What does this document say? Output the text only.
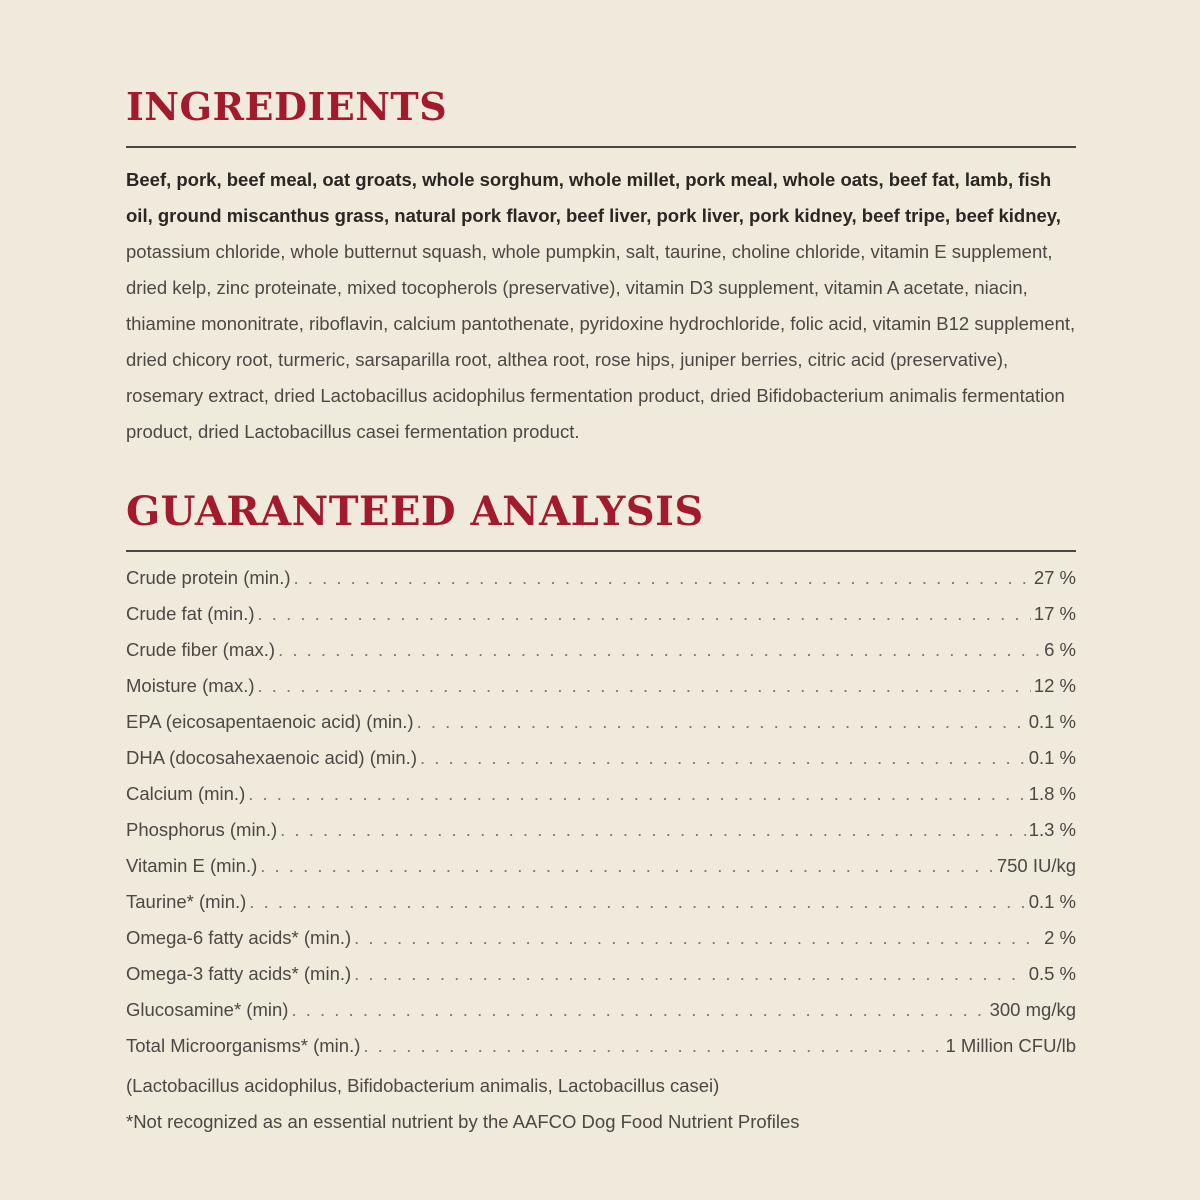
INGREDIENTS

Beef, pork, beef meal, oat groats, whole sorghum, whole millet, pork meal, whole oats, beef fat, lamb, fish oil, ground miscanthus grass, natural pork flavor, beef liver, pork liver, pork kidney, beef tripe, beef kidney, potassium chloride, whole butternut squash, whole pumpkin, salt, taurine, choline chloride, vitamin E supplement, dried kelp, zinc proteinate, mixed tocopherols (preservative), vitamin D3 supplement, vitamin A acetate, niacin, thiamine mononitrate, riboflavin, calcium pantothenate, pyridoxine hydrochloride, folic acid, vitamin B12 supplement, dried chicory root, turmeric, sarsaparilla root, althea root, rose hips, juniper berries, citric acid (preservative), rosemary extract, dried Lactobacillus acidophilus fermentation product, dried Bifidobacterium animalis fermentation product, dried Lactobacillus casei fermentation product.

GUARANTEED ANALYSIS
Crude protein (min.) . . .	27 %
Crude fat (min.) . . .	17 %
Crude fiber (max.) . . .	6 %
Moisture (max.) . . .	12 %
EPA (eicosapentaenoic acid) (min.) . . .	0.1 %
DHA (docosahexaenoic acid) (min.) . . .	0.1 %
Calcium (min.) . . .	1.8 %
Phosphorus (min.) . . .	1.3 %
Vitamin E (min.) . . .	750 IU/kg
Taurine* (min.) . . .	0.1 %
Omega-6 fatty acids* (min.) . . .	2 %
Omega-3 fatty acids* (min.) . . .	0.5 %
Glucosamine* (min) . . .	300 mg/kg
Total Microorganisms* (min.) . . .	1 Million CFU/lb
(Lactobacillus acidophilus, Bifidobacterium animalis, Lactobacillus casei)
*Not recognized as an essential nutrient by the AAFCO Dog Food Nutrient Profiles
